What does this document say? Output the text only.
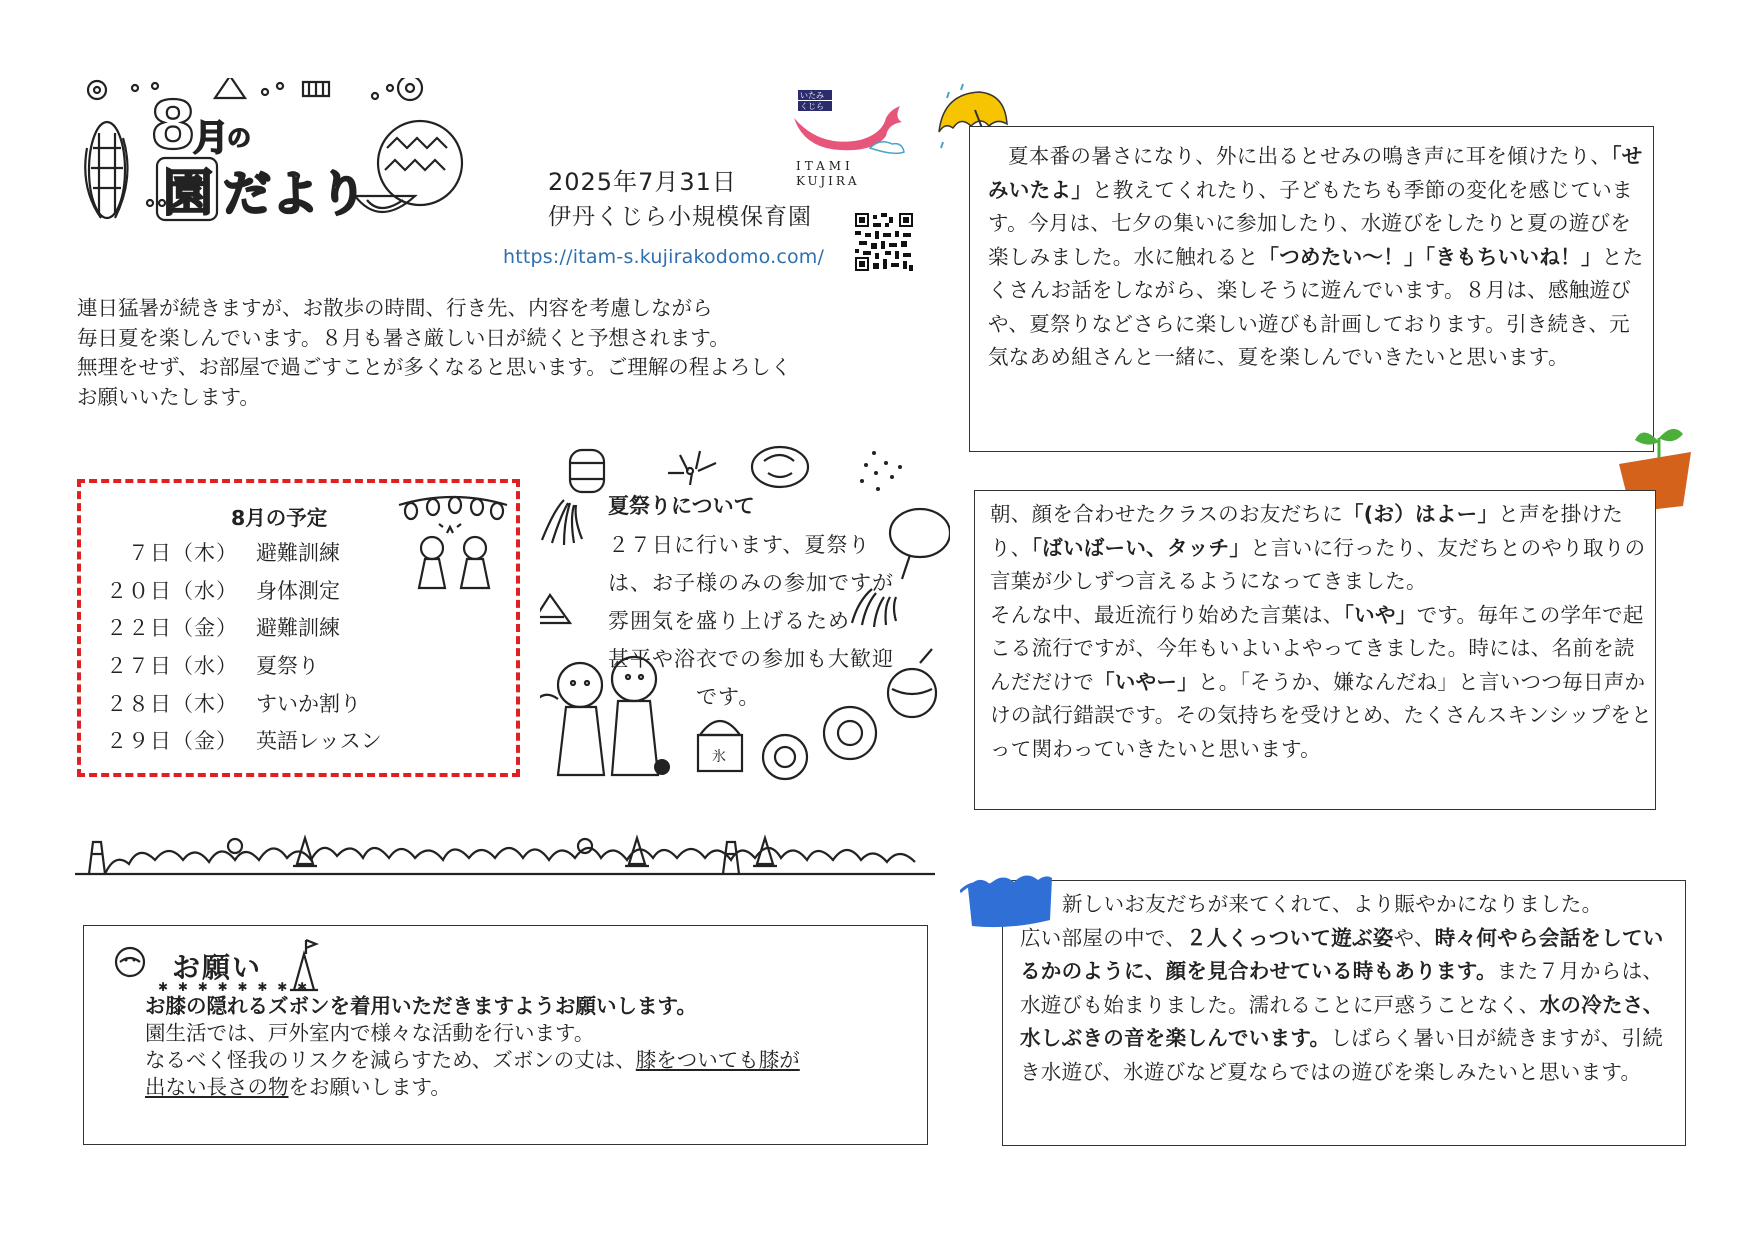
8
月
の
園 だより	2025年7月31日
伊丹くじら小規模保育園
https://itam-s.kujirakodomo.com/
いたみ
くじら
ITAMI
KUJIRA
連日猛暑が続きますが、お散歩の時間、行き先、内容を考慮しながら
毎日夏を楽しんでいます。８月も暑さ厳しい日が続くと予想されます。
無理をせず、お部屋で過ごすことが多くなると思います。ご理解の程よろしく
お願いいたします。
8月の予定
７日（木） 避難訓練
２０日（水） 身体測定
２２日（金） 避難訓練
２７日（水） 夏祭り
２８日（木） すいか割り
２９日（金） 英語レッスン
氷
夏祭りについて
２７日に行います、夏祭り
は、お子様のみの参加ですが
雰囲気を盛り上げるため
甚平や浴衣での参加も大歓迎
です。
お願い
✱ ✱ ✱ ✱ ✱ ✱ ✱ ✱
お膝の隠れるズボンを着用いただきますようお願いします。
園生活では、戸外室内で様々な活動を行います。
なるべく怪我のリスクを減らすため、ズボンの丈は、膝をついても膝が
出ない長さの物をお願いします。
夏本番の暑さになり、外に出るとせみの鳴き声に耳を傾けたり、「せみいたよ」と教えてくれたり、子どもたちも季節の変化を感じています。今月は、七夕の集いに参加したり、水遊びをしたりと夏の遊びを楽しみました。水に触れると「つめたい～！」「きもちいいね！」とたくさんお話をしながら、楽しそうに遊んでいます。８月は、感触遊びや、夏祭りなどさらに楽しい遊びも計画しております。引き続き、元気なあめ組さんと一緒に、夏を楽しんでいきたいと思います。
朝、顔を合わせたクラスのお友だちに「(お）はよー」と声を掛けたり、「ばいばーい、タッチ」と言いに行ったり、友だちとのやり取りの言葉が少しずつ言えるようになってきました。
そんな中、最近流行り始めた言葉は、「いや」です。毎年この学年で起こる流行ですが、今年もいよいよやってきました。時には、名前を読んだだけで「いやー」と。「そうか、嫌なんだね」と言いつつ毎日声かけの試行錯誤です。その気持ちを受けとめ、たくさんスキンシップをとって関わっていきたいと思います。
新しいお友だちが来てくれて、より賑やかになりました。
広い部屋の中で、２人くっついて遊ぶ姿や、時々何やら会話をしているかのように、顔を見合わせている時もあります。また７月からは、水遊びも始まりました。濡れることに戸惑うことなく、水の冷たさ、水しぶきの音を楽しんでいます。しばらく暑い日が続きますが、引続き水遊び、氷遊びなど夏ならではの遊びを楽しみたいと思います。
